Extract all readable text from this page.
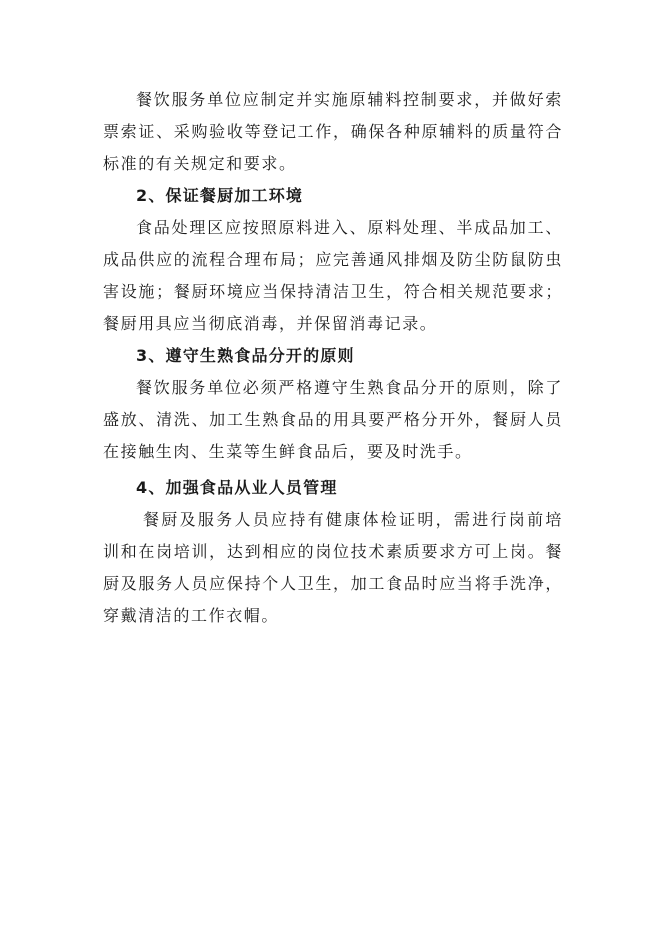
餐饮服务单位应制定并实施原辅料控制要求，并做好索票索证、采购验收等登记工作，确保各种原辅料的质量符合标准的有关规定和要求。

2、保证餐厨加工环境

食品处理区应按照原料进入、原料处理、半成品加工、成品供应的流程合理布局；应完善通风排烟及防尘防鼠防虫害设施；餐厨环境应当保持清洁卫生，符合相关规范要求；餐厨用具应当彻底消毒，并保留消毒记录。

3、遵守生熟食品分开的原则

餐饮服务单位必须严格遵守生熟食品分开的原则，除了盛放、清洗、加工生熟食品的用具要严格分开外，餐厨人员在接触生肉、生菜等生鲜食品后，要及时洗手。

4、加强食品从业人员管理

餐厨及服务人员应持有健康体检证明，需进行岗前培训和在岗培训，达到相应的岗位技术素质要求方可上岗。餐厨及服务人员应保持个人卫生，加工食品时应当将手洗净，穿戴清洁的工作衣帽。
